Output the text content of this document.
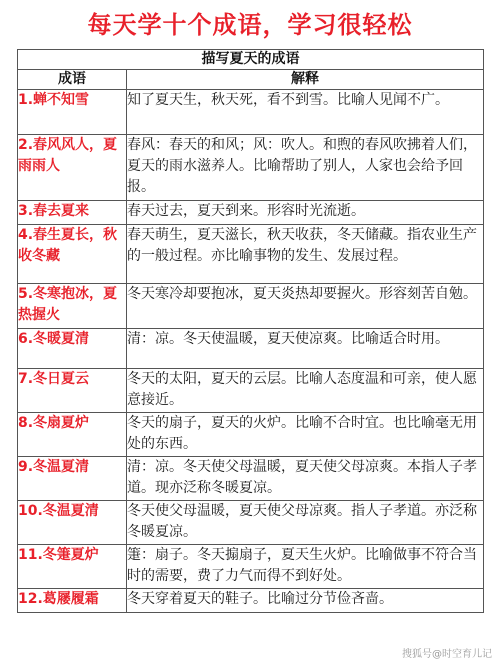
每天学十个成语，学习很轻松
描写夏天的成语	
成语	解释
1.蝉不知雪	知了夏天生，秋天死，看不到雪。比喻人见闻不广。
2.春风风人，夏雨雨人	春风：春天的和风；风：吹人。和煦的春风吹拂着人们，夏天的雨水滋养人。比喻帮助了别人，人家也会给予回报。
3.春去夏来	春天过去，夏天到来。形容时光流逝。
4.春生夏长，秋收冬藏	春天萌生，夏天滋长，秋天收获，冬天储藏。指农业生产的一般过程。亦比喻事物的发生、发展过程。
5.冬寒抱冰，夏热握火	冬天寒冷却要抱冰，夏天炎热却要握火。形容刻苦自勉。
6.冬暖夏清	清：凉。冬天使温暖，夏天使凉爽。比喻适合时用。
7.冬日夏云	冬天的太阳，夏天的云层。比喻人态度温和可亲，使人愿意接近。
8.冬扇夏炉	冬天的扇子，夏天的火炉。比喻不合时宜。也比喻毫无用处的东西。
9.冬温夏清	清：凉。冬天使父母温暖，夏天使父母凉爽。本指人子孝道。现亦泛称冬暖夏凉。
10.冬温夏清	冬天使父母温暖，夏天使父母凉爽。指人子孝道。亦泛称冬暖夏凉。
11.冬箑夏炉	箑：扇子。冬天搧扇子，夏天生火炉。比喻做事不符合当时的需要，费了力气而得不到好处。
12.葛屦履霜	冬天穿着夏天的鞋子。比喻过分节俭吝啬。
搜狐号@时空育儿记
